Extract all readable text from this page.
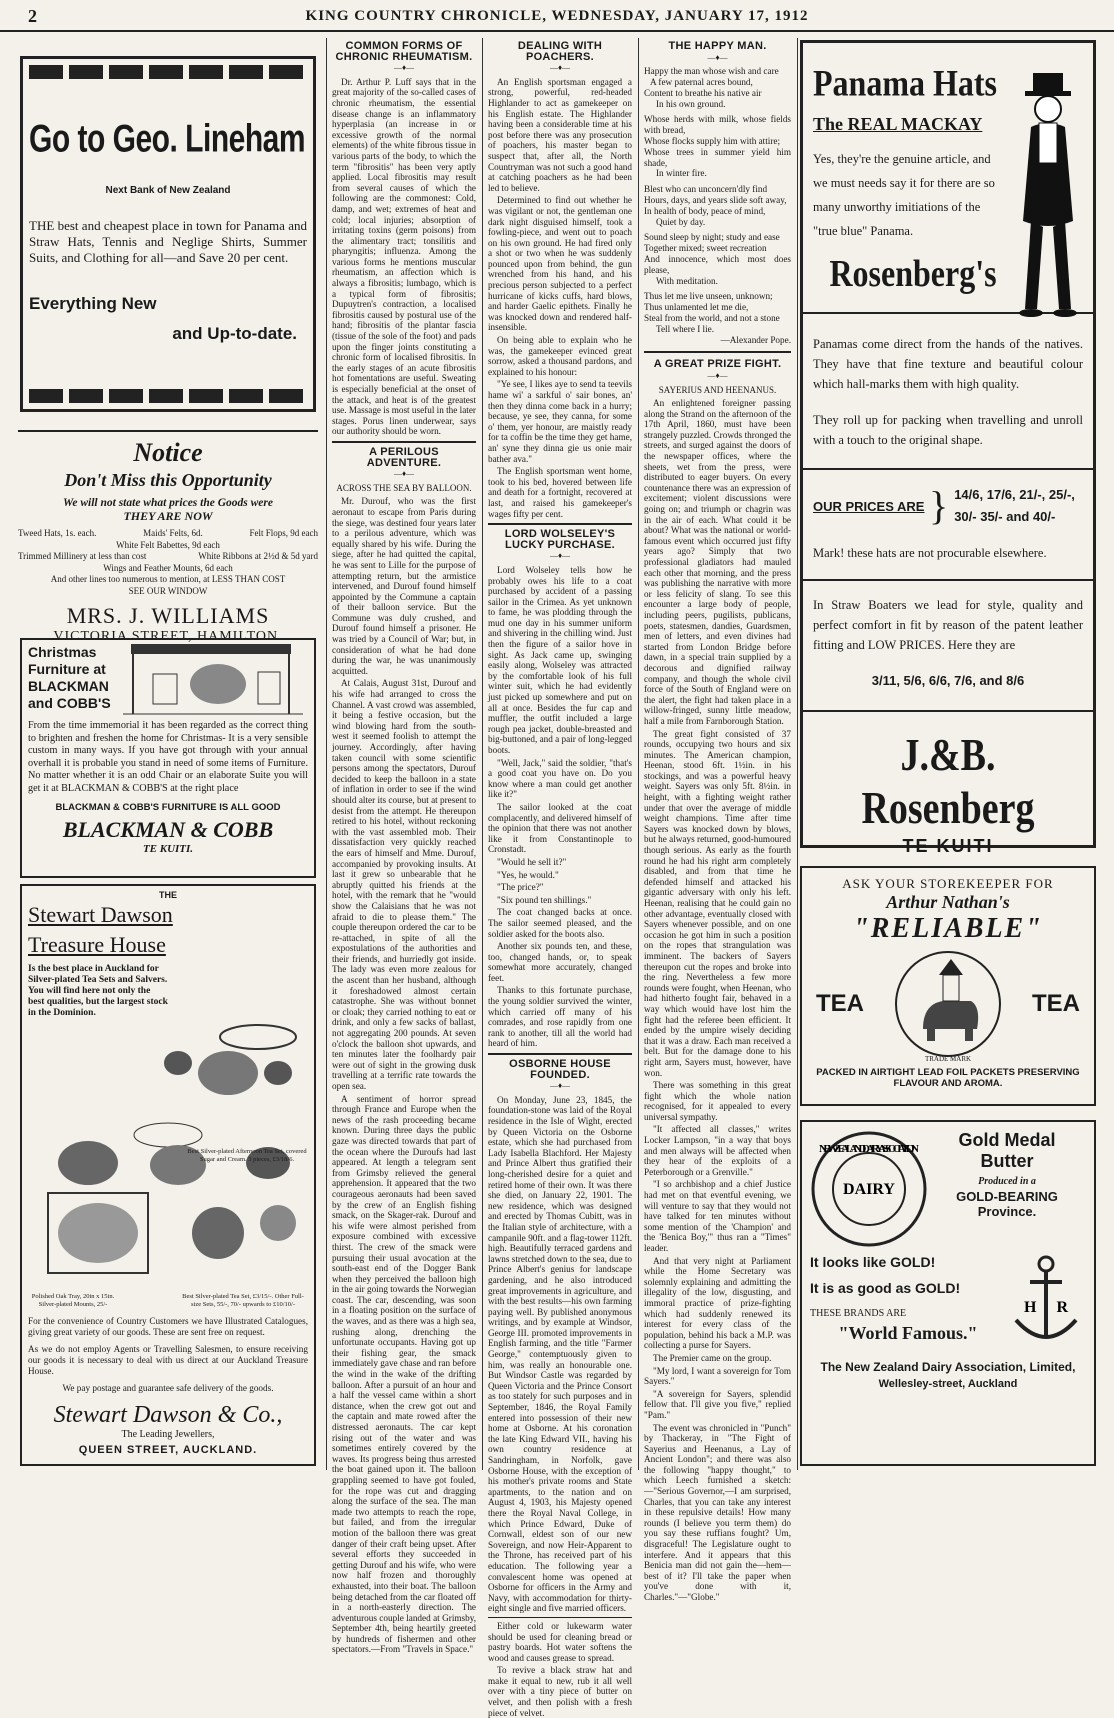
2	KING COUNTRY CHRONICLE, WEDNESDAY, JANUARY 17, 1912
Go to Geo. Lineham
Next Bank of New Zealand
THE best and cheapest place in town for Panama and Straw Hats, Tennis and Neglige Shirts, Summer Suits, and Clothing for all—and Save 20 per cent.
Everything New
and Up-to-date.
Notice
Don't Miss this Opportunity
We will not state what prices the Goods were
THEY ARE NOW
Tweed Hats, 1s. each.	Maids' Felts, 6d.	Felt Flops, 9d each
White Felt Babettes, 9d each
Trimmed Millinery at less than cost	White Ribbons at 2½d & 5d yard
Wings and Feather Mounts, 6d each
And other lines too numerous to mention, at LESS THAN COST
SEE OUR WINDOW
MRS. J. WILLIAMS
VICTORIA STREET, HAMILTON.
Christmas
Furniture at
BLACKMAN
and COBB'S
From the time immemorial it has been regarded as the correct thing to brighten and freshen the home for Christmas- It is a very sensible custom in many ways. If you have got through with your annual overhall it is probable you stand in need of some items of Furniture. No matter whether it is an odd Chair or an elaborate Suite you will get it at BLACKMAN & COBB'S at the right place
BLACKMAN & COBB'S FURNITURE IS ALL GOOD
BLACKMAN & COBB
TE KUITI.
THE
Stewart Dawson
Treasure House
Is the best place in Auckland for Silver-plated Tea Sets and Salvers. You will find here not only the best qualities, but the largest stock in the Dominion.
Best Silver-plated Afternoon Tea Set, covered Sugar and Cream. 3 pieces, £3/18/6.
Polished Oak Tray, 20in x 15in. Silver-plated Mounts, 25/-
Best Silver-plated Tea Set, £3/15/-. Other Full-size Sets, 55/-, 70/- upwards to £10/10/-
For the convenience of Country Customers we have Illustrated Catalogues, giving great variety of our goods. These are sent free on request.
As we do not employ Agents or Travelling Salesmen, to ensure receiving our goods it is necessary to deal with us direct at our Auckland Treasure House.
We pay postage and guarantee safe delivery of the goods.
Stewart Dawson & Co.,
The Leading Jewellers,
QUEEN STREET, AUCKLAND.
COMMON FORMS OF CHRONIC RHEUMATISM.
—♦—

Dr. Arthur P. Luff says that in the great majority of the so-called cases of chronic rheumatism, the essential disease change is an inflammatory hyperplasia (an increase in or excessive growth of the normal elements) of the white fibrous tissue in various parts of the body, to which the term "fibrositis" has been very aptly applied. Local fibrositis may result from several causes of which the following are the commonest: Cold, damp, and wet; extremes of heat and cold; local injuries; absorption of irritating toxins (germ poisons) from the alimentary tract; tonsilitis and pharyngitis; influenza. Among the various forms he mentions muscular rheumatism, an affection which is always a fibrositis; lumbago, which is a typical form of fibrositis; Dupuytren's contraction, a localised fibrositis caused by postural use of the hand; fibrositis of the plantar fascia (tissue of the sole of the foot) and pads upon the finger joints constituting a chronic form of localised fibrositis. In the early stages of an acute fibrositis hot fomentations are useful. Sweating is especially beneficial at the onset of the attack, and heat is of the greatest use. Massage is most useful in the later stages. Porus linen underwear, says our authority should be worn.

A PERILOUS ADVENTURE.
—♦—
ACROSS THE SEA BY BALLOON.

Mr. Durouf, who was the first aeronaut to escape from Paris during the siege, was destined four years later to a perilous adventure, which was equally shared by his wife. During the siege, after he had quitted the capital, he was sent to Lille for the purpose of attempting return, but the armistice intervened, and Durouf found himself appointed by the Commune a captain of their balloon service. But the Commune was duly crushed, and Durouf found himself a prisoner. He was tried by a Council of War; but, in consideration of what he had done during the war, he was unanimously acquitted.

At Calais, August 31st, Durouf and his wife had arranged to cross the Channel. A vast crowd was assembled, it being a festive occasion, but the wind blowing hard from the south-west it seemed foolish to attempt the journey. Accordingly, after having taken council with some scientific persons among the spectators, Durouf decided to keep the balloon in a state of inflation in order to see if the wind should alter its course, but at present to desist from the attempt. He thereupon retired to his hotel, without reckoning with the vast assembled mob. Their dissatisfaction very quickly reached the ears of himself and Mme. Durouf, accompanied by provoking insults. At last it grew so unbearable that he abruptly quitted his friends at the hotel, with the remark that he "would show the Calaisians that he was not afraid to die to please them." The couple thereupon ordered the car to be re-attached, in spite of all the expostulations of the authorities and their friends, and hurriedly got inside. The lady was even more zealous for the ascent than her husband, although it foreshadowed almost certain catastrophe. She was without bonnet or cloak; they carried nothing to eat or drink, and only a few sacks of ballast, not aggregating 200 pounds. At seven o'clock the balloon shot upwards, and ten minutes later the foolhardy pair were out of sight in the growing dusk travelling at a terrific rate towards the open sea.

A sentiment of horror spread through France and Europe when the news of the rash proceeding became known. During three days the public gaze was directed towards that part of the ocean where the Duroufs had last appeared. At length a telegram sent from Grimsby relieved the general apprehension. It appeared that the two courageous aeronauts had been saved by the crew of an English fishing smack, on the Skager-rak. Durouf and his wife were almost perished from exposure combined with excessive thirst. The crew of the smack were pursuing their usual avocation at the south-east end of the Dogger Bank when they perceived the balloon high in the air going towards the Norwegian coast. The car, descending, was soon in a floating position on the surface of the waves, and as there was a high sea, rushing along, drenching the unfortunate occupants. Having got up their fishing gear, the smack immediately gave chase and ran before the wind in the wake of the drifting balloon. After a pursuit of an hour and a half the vessel came within a short distance, when the crew got out and the captain and mate rowed after the distressed aeronauts. The car kept rising out of the water and was sometimes entirely covered by the waves. Its progress being thus arrested the boat gained upon it. The balloon grappling seemed to have got fouled, for the rope was cut and dragging along the surface of the sea. The man made two attempts to reach the rope, but failed, and from the irregular motion of the balloon there was great danger of their craft being upset. After several efforts they succeeded in getting Durouf and his wife, who were now half frozen and thoroughly exhausted, into their boat. The balloon being detached from the car floated off in a north-easterly direction. The adventurous couple landed at Grimsby, September 4th, being heartily greeted by hundreds of fishermen and other spectators.—From "Travels in Space."

DEALING WITH POACHERS.
—♦—

An English sportsman engaged a strong, powerful, red-headed Highlander to act as gamekeeper on his English estate. The Highlander having been a considerable time at his post before there was any prosecution of poachers, his master began to suspect that, after all, the North Countryman was not such a good hand at catching poachers as he had been led to believe.

Determined to find out whether he was vigilant or not, the gentleman one dark night disguised himself, took a fowling-piece, and went out to poach on his own ground. He had fired only a shot or two when he was suddenly pounced upon from behind, the gun wrenched from his hand, and his precious person subjected to a perfect hurricane of kicks cuffs, hard blows, and harder Gaelic epithets. Finally he was knocked down and rendered half-insensible.

On being able to explain who he was, the gamekeeper evinced great sorrow, asked a thousand pardons, and explained to his honour:

"Ye see, I likes aye to send ta teevils hame wi' a sarkful o' sair bones, an' then they dinna come back in a hurry; because, ye see, they canna, for some o' them, yer honour, are maistly ready for ta coffin be the time they get hame, an' syne they dinna gie us onie mair bather ava."

The English sportsman went home, took to his bed, hovered between life and death for a fortnight, recovered at last, and raised his gamekeeper's wages fifty per cent.

LORD WOLSELEY'S LUCKY PURCHASE.
—♦—

Lord Wolseley tells how he probably owes his life to a coat purchased by accident of a passing sailor in the Crimea. As yet unknown to fame, he was plodding through the mud one day in his summer uniform and shivering in the chilling wind. Just then the figure of a sailor hove in sight. As Jack came up, swinging easily along, Wolseley was attracted by the comfortable look of his full winter suit, which he had evidently just picked up somewhere and put on all at once. Besides the fur cap and muffler, the outfit included a large rough pea jacket, double-breasted and big-buttoned, and a pair of long-legged boots.

"Well, Jack," said the soldier, "that's a good coat you have on. Do you know where a man could get another like it?"

The sailor looked at the coat complacently, and delivered himself of the opinion that there was not another like it from Constantinople to Cronstadt.

"Would he sell it?"

"Yes, he would."

"The price?"

"Six pound ten shillings."

The coat changed backs at once. The sailor seemed pleased, and the soldier asked for the boots also.

Another six pounds ten, and these, too, changed hands, or, to speak somewhat more accurately, changed feet.

Thanks to this fortunate purchase, the young soldier survived the winter, which carried off many of his comrades, and rose rapidly from one rank to another, till all the world had heard of him.

OSBORNE HOUSE FOUNDED.
—♦—

On Monday, June 23, 1845, the foundation-stone was laid of the Royal residence in the Isle of Wight, erected by Queen Victoria on the Osborne estate, which she had purchased from Lady Isabella Blachford. Her Majesty and Prince Albert thus gratified their long-cherished desire for a quiet and retired home of their own. It was there she died, on January 22, 1901. The new residence, which was designed and erected by Thomas Cubitt, was in the Italian style of architecture, with a campanile 90ft. and a flag-tower 112ft. high. Beautifully terraced gardens and lawns stretched down to the sea, due to Prince Albert's genius for landscape gardening, and he also introduced great improvements in agriculture, and with the best results—his own farming paying well. By published anonymous writings, and by example at Windsor, George III. promoted improvements in English farming, and the title "Farmer George," contemptuously given to him, was really an honourable one. But Windsor Castle was regarded by Queen Victoria and the Prince Consort as too stately for such purposes and in September, 1846, the Royal Family entered into possession of their new home at Osborne. At his coronation the late King Edward VII., having his own country residence at Sandringham, in Norfolk, gave Osborne House, with the exception of his mother's private rooms and State apartments, to the nation and on August 4, 1903, his Majesty opened there the Royal Naval College, in which Prince Edward, Duke of Cornwall, eldest son of our new Sovereign, and now Heir-Apparent to the Throne, has received part of his education. The following year a convalescent home was opened at Osborne for officers in the Army and Navy, with accommodation for thirty-eight single and five married officers.

Either cold or lukewarm water should be used for cleaning bread or pastry boards. Hot water softens the wood and causes grease to spread.

To revive a black straw hat and make it equal to new, rub it all well over with a tiny piece of butter on velvet, and then polish with a fresh piece of velvet.

THE HAPPY MAN.
—♦—
Happy the man whose wish and care
A few paternal acres bound,
Content to breathe his native air
In his own ground.
Whose herds with milk, whose fields with bread,
Whose flocks supply him with attire;
Whose trees in summer yield him shade,
In winter fire.
Blest who can unconcern'dly find
Hours, days, and years slide soft away,
In health of body, peace of mind,
Quiet by day.
Sound sleep by night; study and ease
Together mixed; sweet recreation
And innocence, which most does please,
With meditation.
Thus let me live unseen, unknown;
Thus unlamented let me die,
Steal from the world, and not a stone
Tell where I lie.
—Alexander Pope.
A GREAT PRIZE FIGHT.
—♦—
SAYERIUS AND HEENANUS.

An enlightened foreigner passing along the Strand on the afternoon of the 17th April, 1860, must have been strangely puzzled. Crowds thronged the streets, and surged against the doors of the newspaper offices, where the sheets, wet from the press, were distributed to eager buyers. On every countenance there was an expression of excitement; violent discussions were going on; and triumph or chagrin was in the air of each. What could it be about? What was the national or world-famous event which occurred just fifty years ago? Simply that two professional gladiators had mauled each other that morning, and the press was publishing the narrative with more or less felicity of slang. To see this encounter a large body of people, including peers, pugilists, publicans, poets, statesmen, dandies, Guardsmen, men of letters, and even divines had started from London Bridge before dawn, in a special train supplied by a decorous and dignified railway company, and though the whole civil force of the South of England were on the alert, the fight had taken place in a willow-fringed, sunny little meadow, half a mile from Farnborough Station.

The great fight consisted of 37 rounds, occupying two hours and six minutes. The American champion, Heenan, stood 6ft. 1½in. in his stockings, and was a powerful heavy weight. Sayers was only 5ft. 8½in. in height, with a fighting weight rather under that over the average of middle weight champions. Time after time Sayers was knocked down by blows, but he always returned, good-humoured though serious. As early as the fourth round he had his right arm completely disabled, and from that time he defended himself and attacked his gigantic adversary with only his left. Heenan, realising that he could gain no other advantage, eventually closed with Sayers whenever possible, and on one occasion he got him in such a position on the ropes that strangulation was imminent. The backers of Sayers thereupon cut the ropes and broke into the ring. Nevertheless a few more rounds were fought, when Heenan, who had hitherto fought fair, behaved in a way which would have lost him the fight had the referee been efficient. It ended by the umpire wisely deciding that it was a draw. Each man received a belt. But for the damage done to his right arm, Sayers must, however, have won.

There was something in this great fight which the whole nation recognised, for it appealed to every universal sympathy.

"It affected all classes," writes Locker Lampson, "in a way that boys and men always will be affected when they hear of the exploits of a Peterborough or a Grenville."

"I so archbishop and a chief Justice had met on that eventful evening, we will venture to say that they would not have talked for ten minutes without some mention of the 'Champion' and the 'Benica Boy,'" thus ran a "Times" leader.

And that very night at Parliament while the Home Secretary was solemnly explaining and admitting the illegality of the low, disgusting, and immoral practice of prize-fighting which had suddenly renewed its interest for every class of the population, behind his back a M.P. was collecting a purse for Sayers.

The Premier came on the group.

"My lord, I want a sovereign for Tom Sayers."

"A sovereign for Sayers, splendid fellow that. I'll give you five," replied "Pam."

The event was chronicled in "Punch" by Thackeray, in "The Fight of Sayerius and Heenanus, a Lay of Ancient London"; and there was also the following "happy thought," to which Leech furnished a sketch:—"Serious Governor,—I am surprised, Charles, that you can take any interest in these repulsive details! How many rounds (I believe you term them) do you say these ruffians fought? Um, disgraceful! The Legislature ought to interfere. And it appears that this Benicia man did not gain the—hem—best of it? I'll take the paper when you've done with it, Charles."—"Globe."

Panama Hats
The REAL MACKAY
Yes, they're the genuine article, and we must needs say it for there are so many unworthy imitiations of the "true blue" Panama.
Rosenberg's
Panamas come direct from the hands of the natives. They have that fine texture and beautiful colour which hall-marks them with high quality.
They roll up for packing when travelling and unroll with a touch to the original shape.
OUR PRICES ARE } 14/6, 17/6, 21/-, 25/-,
30/- 35/- and 40/-
Mark! these hats are not procurable elsewhere.
In Straw Boaters we lead for style, quality and perfect comfort in fit by reason of the patent leather fitting and LOW PRICES. Here they are
3/11, 5/6, 6/6, 7/6, and 8/6
J.&B. Rosenberg
TE KUITI
ASK YOUR STOREKEEPER FOR
Arthur Nathan's
"RELIABLE"
TEA	TEA
TRADE MARK
PACKED IN AIRTIGHT LEAD FOIL PACKETS PRESERVING FLAVOUR AND AROMA.
NEW ZEALAND DAIRY ASSOCIATION
DAIRY
Gold Medal
Butter
Produced in a
GOLD-BEARING Province.
It looks like GOLD!
It is as good as GOLD!
THESE BRANDS ARE
"World Famous."
H R
The New Zealand Dairy Association, Limited,
Wellesley-street, Auckland
